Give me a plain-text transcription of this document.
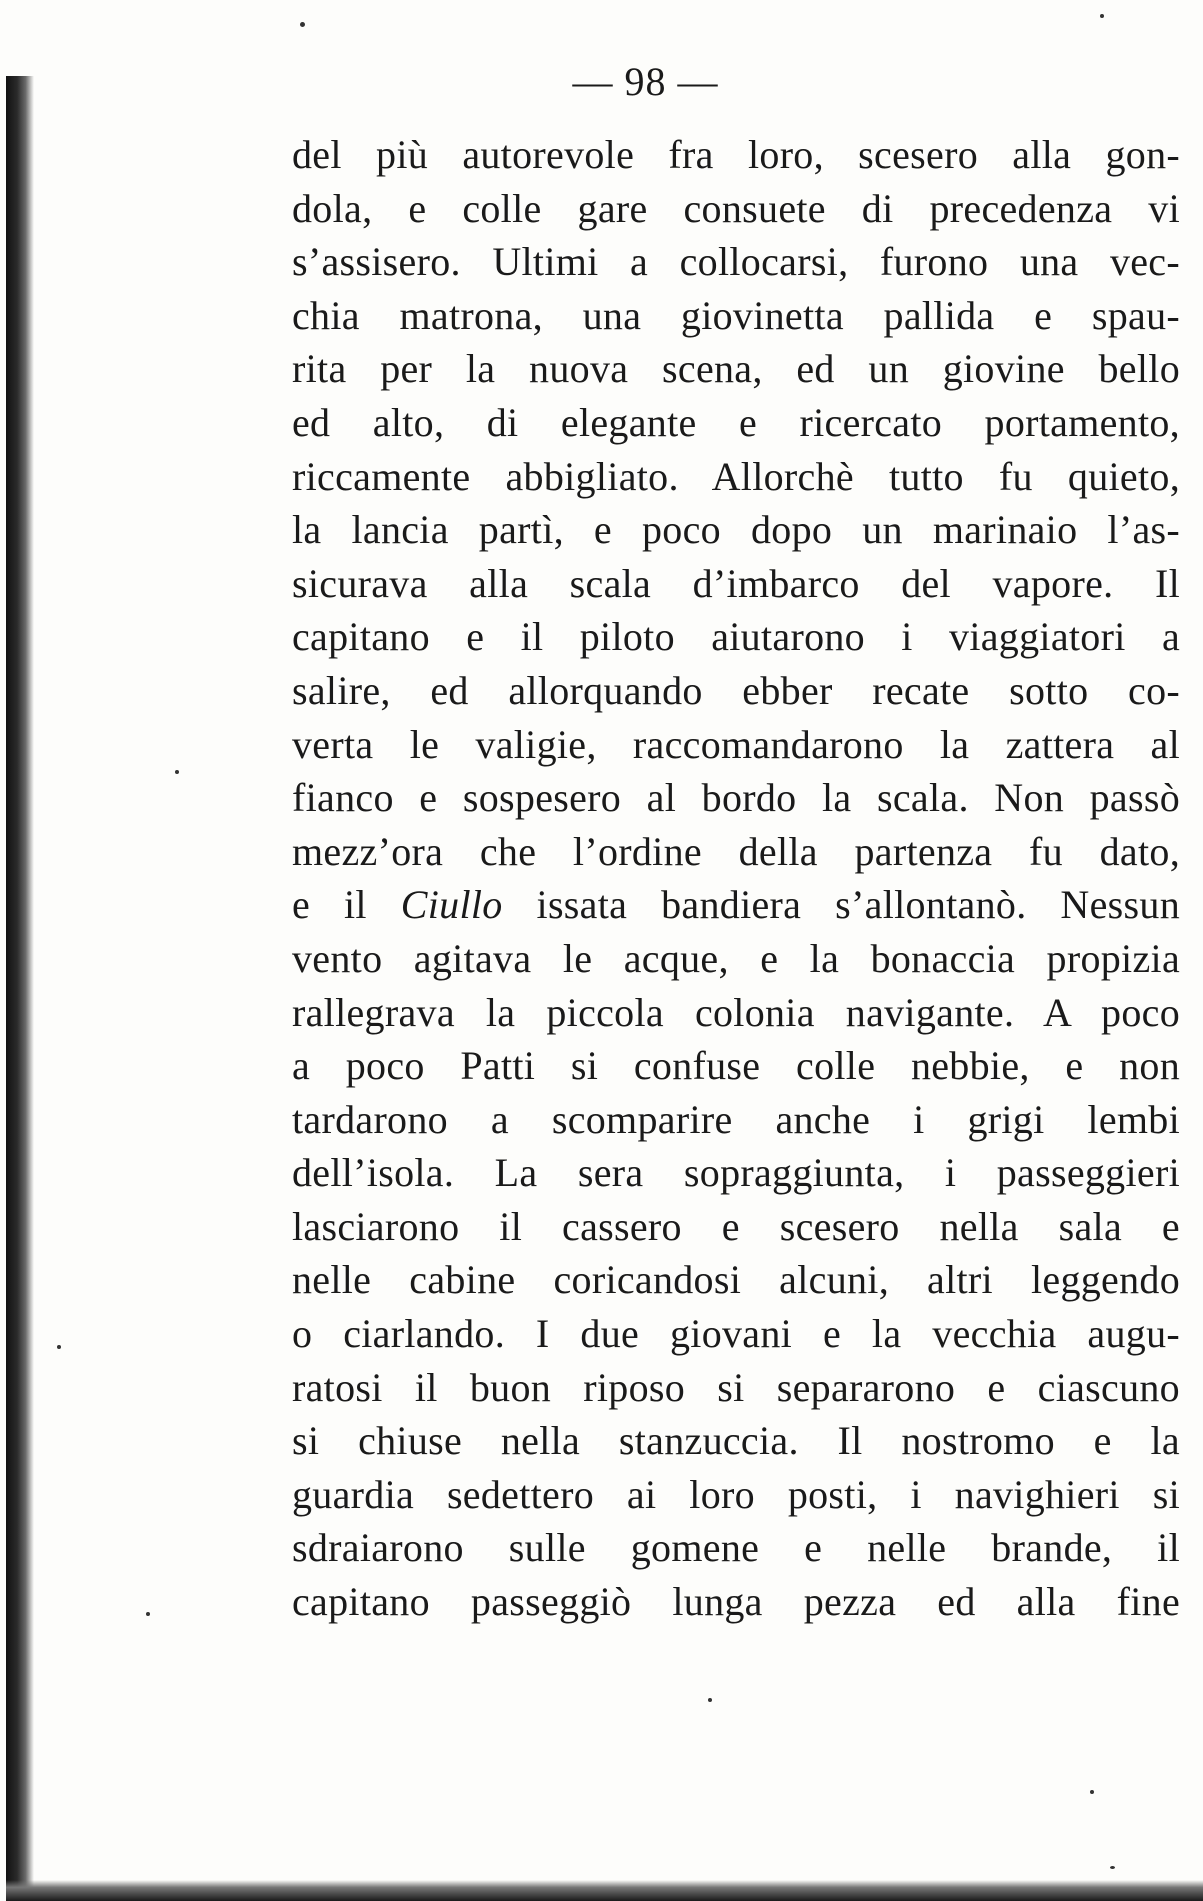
— 98 —
del più autorevole fra loro, scesero alla gon-
dola, e colle gare consuete di precedenza vi
s’assisero. Ultimi a collocarsi, furono una vec-
chia matrona, una giovinetta pallida e spau-
rita per la nuova scena, ed un giovine bello
ed alto, di elegante e ricercato portamento,
riccamente abbigliato. Allorchè tutto fu quieto,
la lancia partì, e poco dopo un marinaio l’as-
sicurava alla scala d’imbarco del vapore. Il
capitano e il piloto aiutarono i viaggiatori a
salire, ed allorquando ebber recate sotto co-
verta le valigie, raccomandarono la zattera al
fianco e sospesero al bordo la scala. Non passò
mezz’ora che l’ordine della partenza fu dato,
e il Ciullo issata bandiera s’allontanò. Nessun
vento agitava le acque, e la bonaccia propizia
rallegrava la piccola colonia navigante. A poco
a poco Patti si confuse colle nebbie, e non
tardarono a scomparire anche i grigi lembi
dell’isola. La sera sopraggiunta, i passeggieri
lasciarono il cassero e scesero nella sala e
nelle cabine coricandosi alcuni, altri leggendo
o ciarlando. I due giovani e la vecchia augu-
ratosi il buon riposo si separarono e ciascuno
si chiuse nella stanzuccia. Il nostromo e la
guardia sedettero ai loro posti, i navighieri si
sdraiarono sulle gomene e nelle brande, il
capitano passeggiò lunga pezza ed alla fine
